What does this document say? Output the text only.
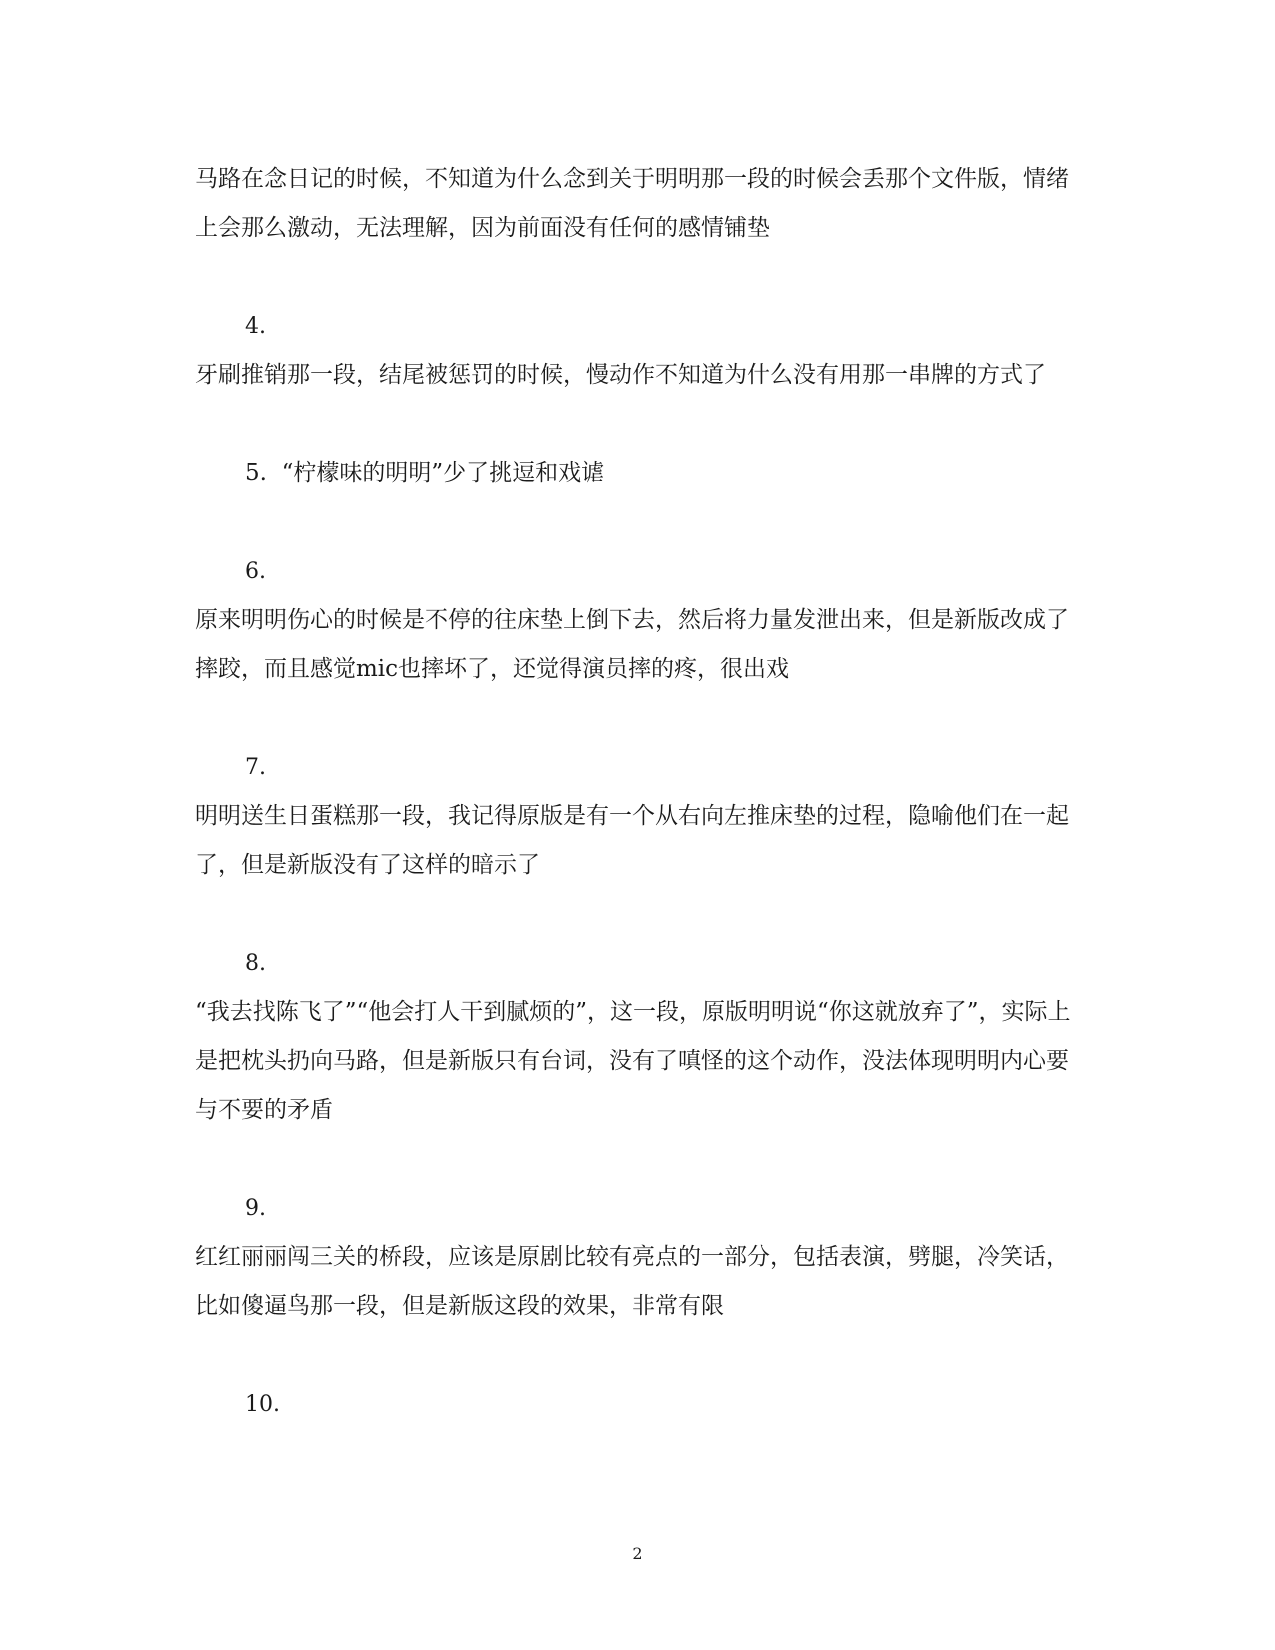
马路在念日记的时候，不知道为什么念到关于明明那一段的时候会丢那个文件版，情绪上会那么激动，无法理解，因为前面没有任何的感情铺垫

4.

牙刷推销那一段，结尾被惩罚的时候，慢动作不知道为什么没有用那一串牌的方式了

5. “柠檬味的明明”少了挑逗和戏谑

6.

原来明明伤心的时候是不停的往床垫上倒下去，然后将力量发泄出来，但是新版改成了摔跤，而且感觉mic也摔坏了，还觉得演员摔的疼，很出戏

7.

明明送生日蛋糕那一段，我记得原版是有一个从右向左推床垫的过程，隐喻他们在一起了，但是新版没有了这样的暗示了

8.

“我去找陈飞了”“他会打人干到腻烦的”，这一段，原版明明说“你这就放弃了”，实际上是把枕头扔向马路，但是新版只有台词，没有了嗔怪的这个动作，没法体现明明内心要与不要的矛盾

9.

红红丽丽闯三关的桥段，应该是原剧比较有亮点的一部分，包括表演，劈腿，冷笑话，比如傻逼鸟那一段，但是新版这段的效果，非常有限

10.

2
